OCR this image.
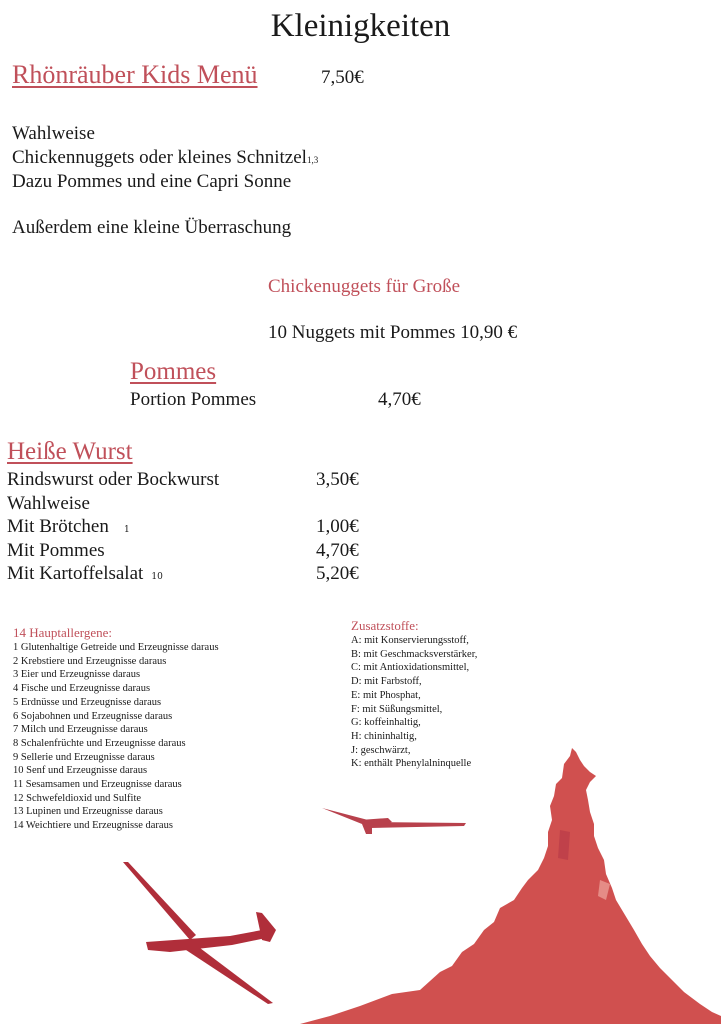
Kleinigkeiten
Rhönräuber Kids Menü	7,50€
Wahlweise
Chickennuggets oder kleines Schnitzel1,3
Dazu Pommes und eine Capri Sonne
Außerdem eine kleine Überraschung
Chickenuggets für Große
10 Nuggets mit Pommes 10,90 €
Pommes
Portion Pommes	4,70€
Heiße Wurst
Rindswurst oder Bockwurst	3,50€
Wahlweise
Mit Brötchen 1	1,00€
Mit Pommes	4,70€
Mit Kartoffelsalat 10	5,20€
14 Hauptallergene:
1 Glutenhaltige Getreide und Erzeugnisse daraus
2 Krebstiere und Erzeugnisse daraus
3 Eier und Erzeugnisse daraus
4 Fische und Erzeugnisse daraus
5 Erdnüsse und Erzeugnisse daraus
6 Sojabohnen und Erzeugnisse daraus
7 Milch und Erzeugnisse daraus
8 Schalenfrüchte und Erzeugnisse daraus
9 Sellerie und Erzeugnisse daraus
10 Senf und Erzeugnisse daraus
11 Sesamsamen und Erzeugnisse daraus
12 Schwefeldioxid und Sulfite
13 Lupinen und Erzeugnisse daraus
14 Weichtiere und Erzeugnisse daraus
Zusatzstoffe:
A: mit Konservierungsstoff,
B: mit Geschmacksverstärker,
C: mit Antioxidationsmittel,
D: mit Farbstoff,
E: mit Phosphat,
F: mit Süßungsmittel,
G: koffeinhaltig,
H: chininhaltig,
J: geschwärzt,
K: enthält Phenylalninquelle
